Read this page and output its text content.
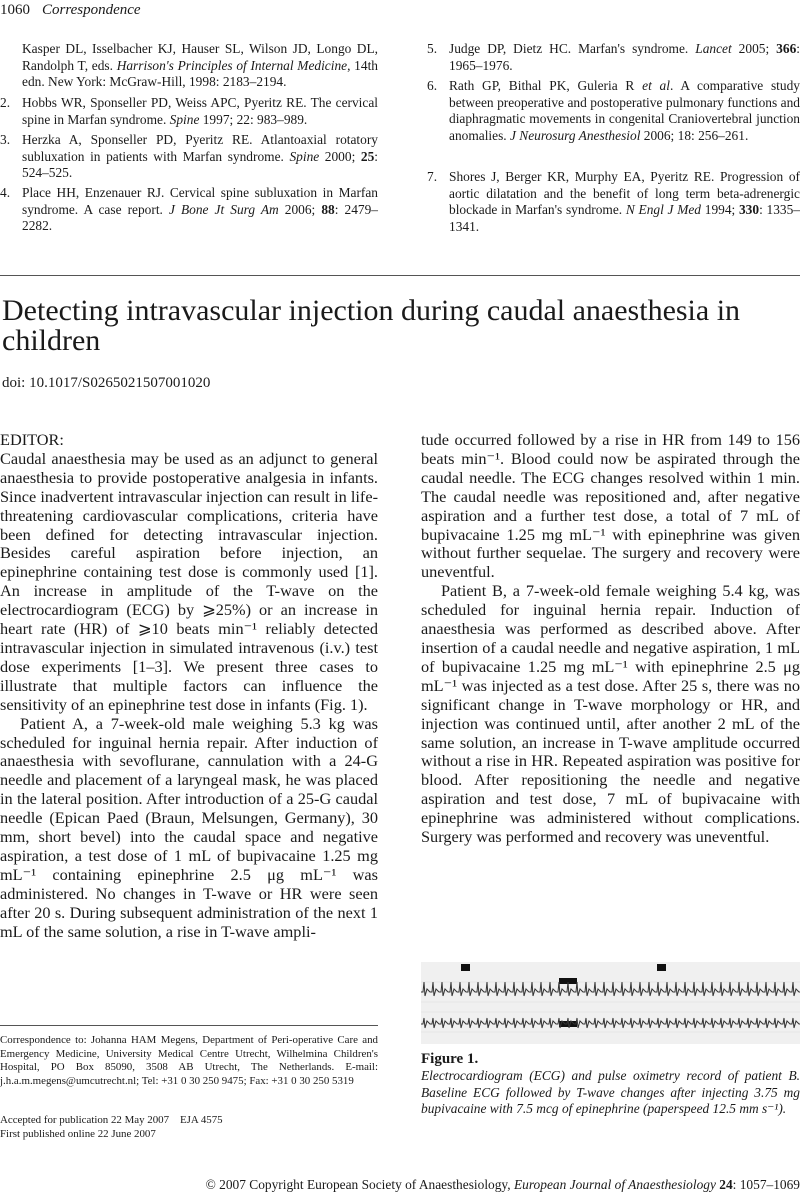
1060 Correspondence
Kasper DL, Isselbacher KJ, Hauser SL, Wilson JD, Longo DL, Randolph T, eds. Harrison's Principles of Internal Medicine, 14th edn. New York: McGraw-Hill, 1998: 2183–2194.
2. Hobbs WR, Sponseller PD, Weiss APC, Pyeritz RE. The cervical spine in Marfan syndrome. Spine 1997; 22: 983–989.
3. Herzka A, Sponseller PD, Pyeritz RE. Atlantoaxial rotatory subluxation in patients with Marfan syndrome. Spine 2000; 25: 524–525.
4. Place HH, Enzenauer RJ. Cervical spine subluxation in Marfan syndrome. A case report. J Bone Jt Surg Am 2006; 88: 2479–2282.
5. Judge DP, Dietz HC. Marfan's syndrome. Lancet 2005; 366: 1965–1976.
6. Rath GP, Bithal PK, Guleria R et al. A comparative study between preoperative and postoperative pulmonary functions and diaphragmatic movements in congenital Craniovertebral junction anomalies. J Neurosurg Anesthesiol 2006; 18: 256–261.
7. Shores J, Berger KR, Murphy EA, Pyeritz RE. Progression of aortic dilatation and the benefit of long term beta-adrenergic blockade in Marfan's syndrome. N Engl J Med 1994; 330: 1335–1341.
Detecting intravascular injection during caudal anaesthesia in children
doi: 10.1017/S0265021507001020

EDITOR:

Caudal anaesthesia may be used as an adjunct to general anaesthesia to provide postoperative analgesia in infants. Since inadvertent intravascular injection can result in life-threatening cardiovascular complications, criteria have been defined for detecting intravascular injection. Besides careful aspiration before injection, an epinephrine containing test dose is commonly used [1]. An increase in amplitude of the T-wave on the electrocardiogram (ECG) by ⩾25%) or an increase in heart rate (HR) of ⩾10 beats min⁻¹ reliably detected intravascular injection in simulated intravenous (i.v.) test dose experiments [1–3]. We present three cases to illustrate that multiple factors can influence the sensitivity of an epinephrine test dose in infants (Fig. 1).

Patient A, a 7-week-old male weighing 5.3 kg was scheduled for inguinal hernia repair. After induction of anaesthesia with sevoflurane, cannulation with a 24-G needle and placement of a laryngeal mask, he was placed in the lateral position. After introduction of a 25-G caudal needle (Epican Paed (Braun, Melsungen, Germany), 30 mm, short bevel) into the caudal space and negative aspiration, a test dose of 1 mL of bupivacaine 1.25 mg mL⁻¹ containing epinephrine 2.5 μg mL⁻¹ was administered. No changes in T-wave or HR were seen after 20 s. During subsequent administration of the next 1 mL of the same solution, a rise in T-wave ampli-

tude occurred followed by a rise in HR from 149 to 156 beats min⁻¹. Blood could now be aspirated through the caudal needle. The ECG changes resolved within 1 min. The caudal needle was repositioned and, after negative aspiration and a further test dose, a total of 7 mL of bupivacaine 1.25 mg mL⁻¹ with epinephrine was given without further sequelae. The surgery and recovery were uneventful.

Patient B, a 7-week-old female weighing 5.4 kg, was scheduled for inguinal hernia repair. Induction of anaesthesia was performed as described above. After insertion of a caudal needle and negative aspiration, 1 mL of bupivacaine 1.25 mg mL⁻¹ with epinephrine 2.5 μg mL⁻¹ was injected as a test dose. After 25 s, there was no significant change in T-wave morphology or HR, and injection was continued until, after another 2 mL of the same solution, an increase in T-wave amplitude occurred without a rise in HR. Repeated aspiration was positive for blood. After repositioning the needle and negative aspiration and test dose, 7 mL of bupivacaine with epinephrine was administered without complications. Surgery was performed and recovery was uneventful.

Correspondence to: Johanna HAM Megens, Department of Peri-operative Care and Emergency Medicine, University Medical Centre Utrecht, Wilhelmina Children's Hospital, PO Box 85090, 3508 AB Utrecht, The Netherlands. E-mail: j.h.a.m.megens@umcutrecht.nl; Tel: +31 0 30 250 9475; Fax: +31 0 30 250 5319
Accepted for publication 22 May 2007    EJA 4575
First published online 22 June 2007
Figure 1.
Electrocardiogram (ECG) and pulse oximetry record of patient B. Baseline ECG followed by T-wave changes after injecting 3.75 mg bupivacaine with 7.5 mcg of epinephrine (paperspeed 12.5 mm s⁻¹).
© 2007 Copyright European Society of Anaesthesiology, European Journal of Anaesthesiology 24: 1057–1069
